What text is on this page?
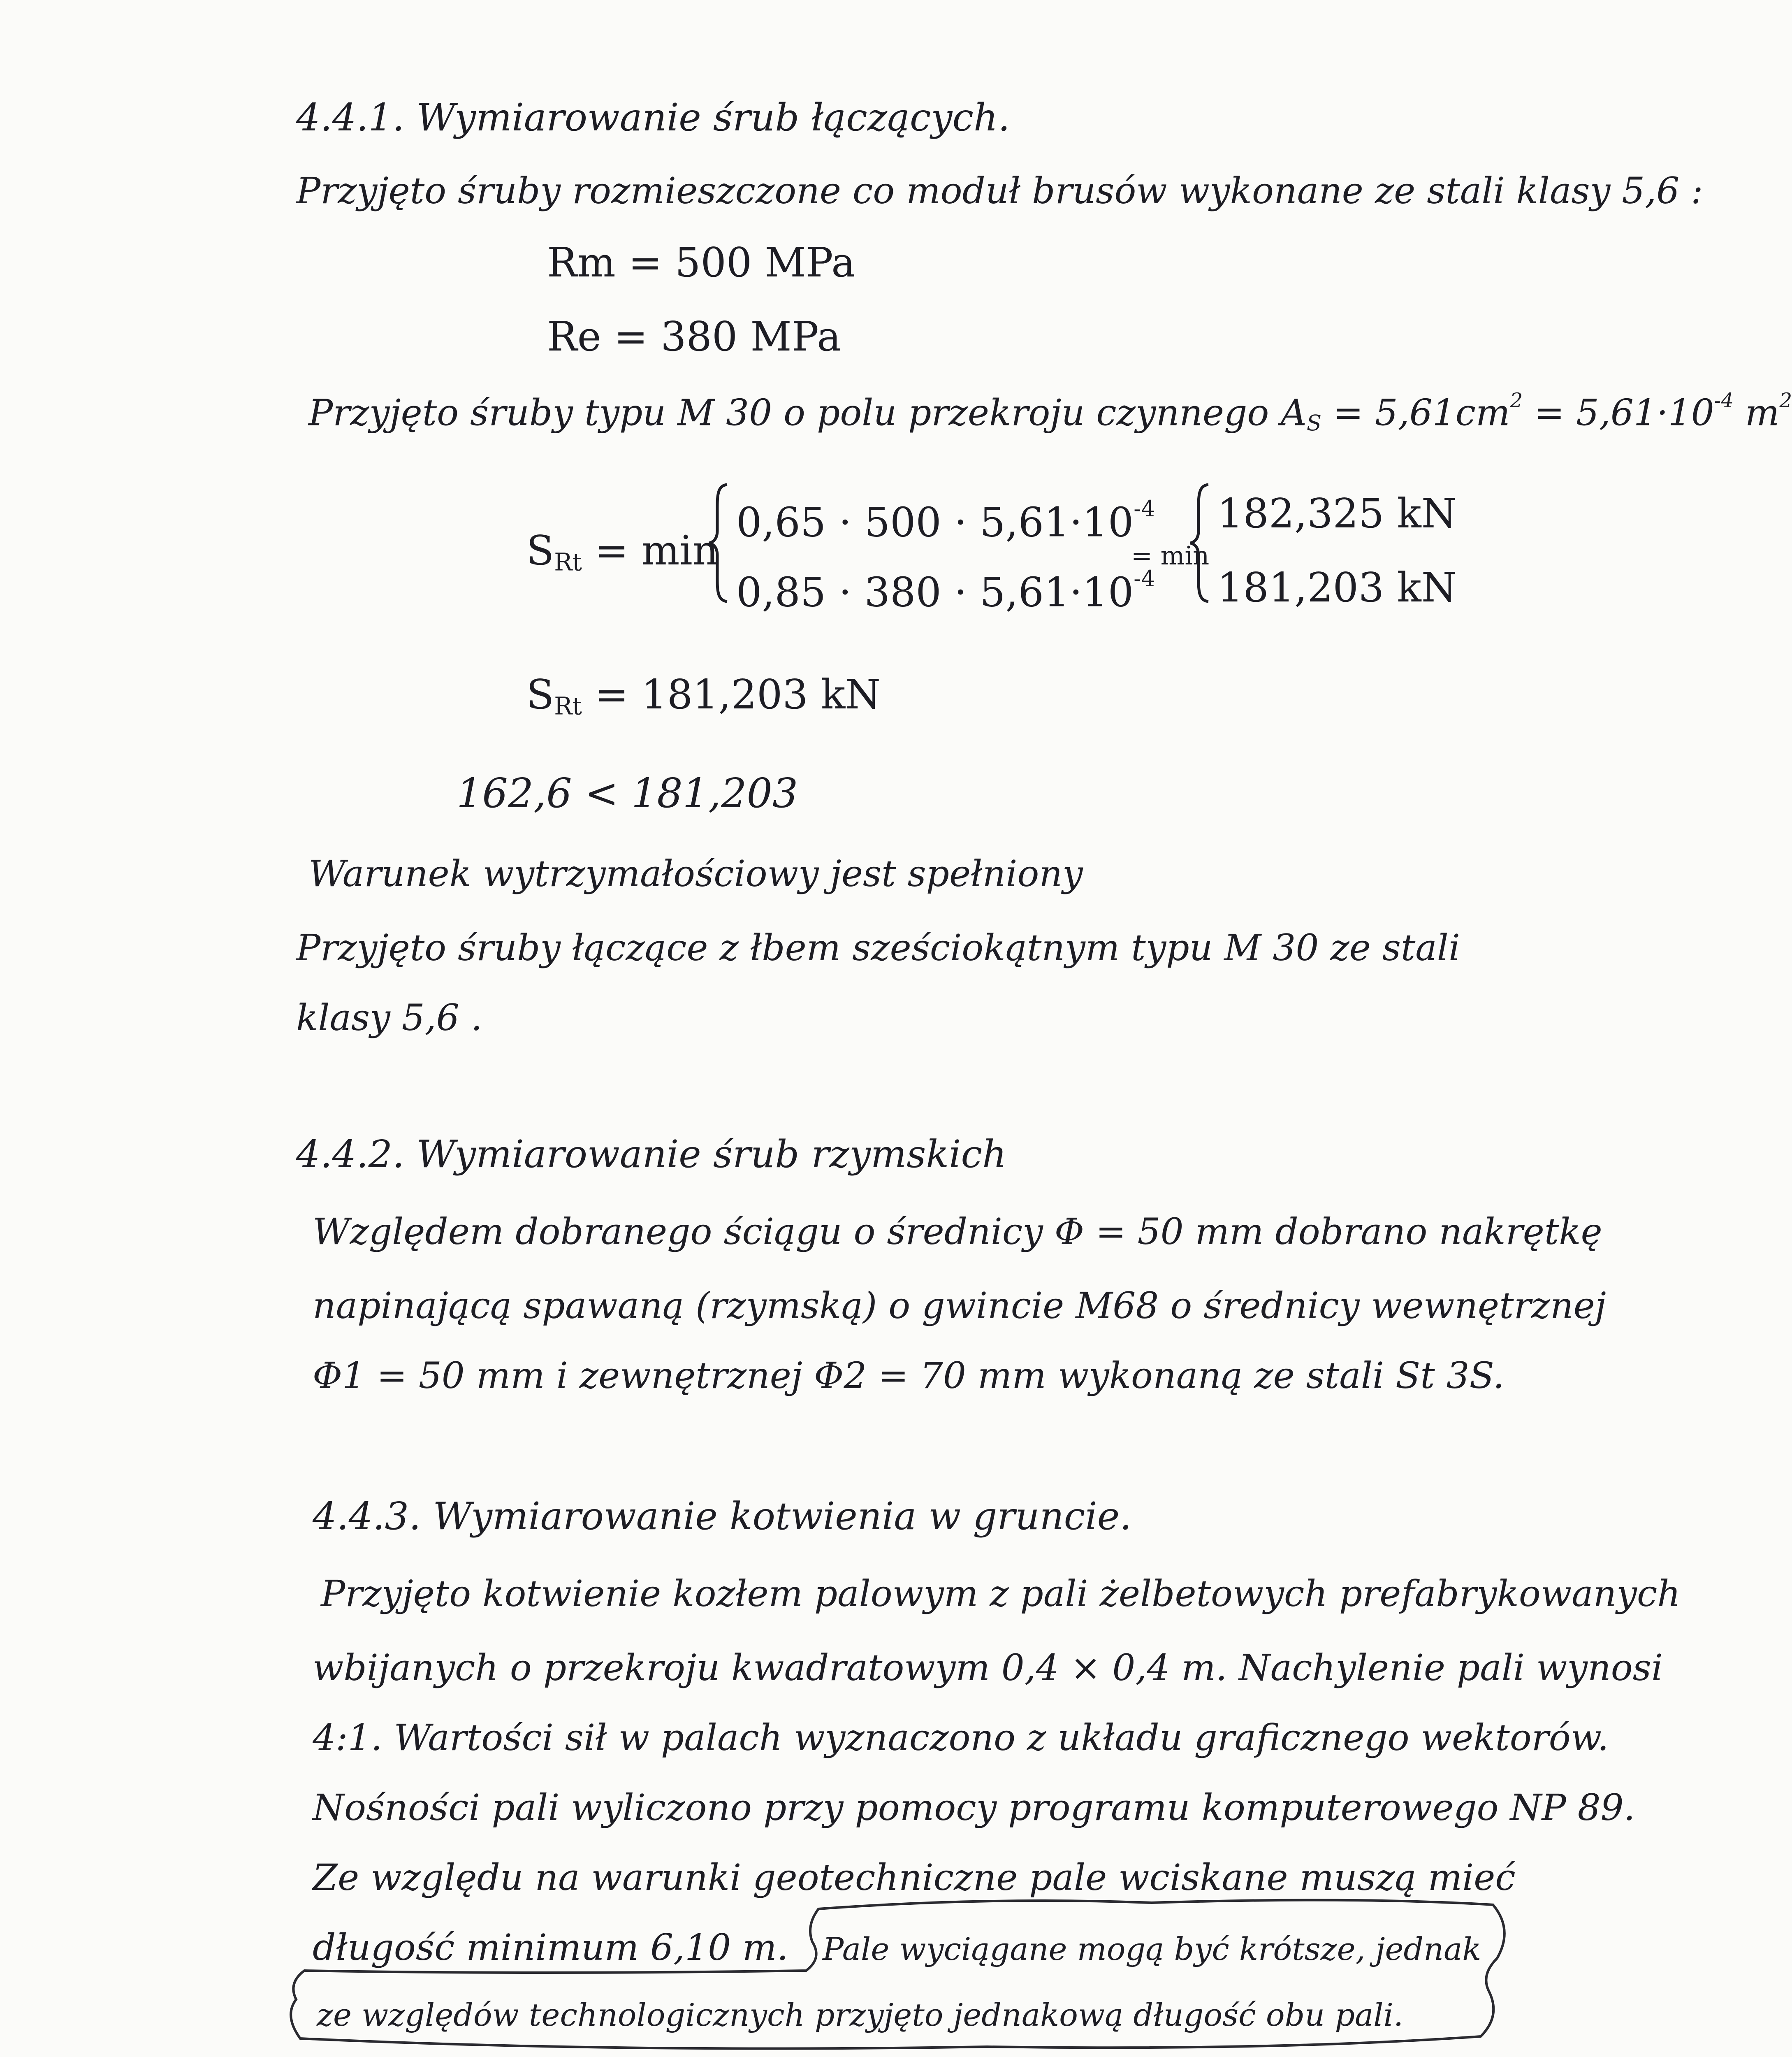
4.4.1. Wymiarowanie śrub łączących.
Przyjęto śruby rozmieszczone co moduł brusów wykonane ze stali klasy 5,6 :
Rm = 500 MPa
Re = 380 MPa
Przyjęto śruby typu M 30 o polu przekroju czynnego $A_S = 5,61cm^2 = 5,61\cdot 10^{-4}$ $m^2$
$S_{Rt} = \min$
$0,65 \cdot 500 \cdot 5,61\cdot 10^{-4}$
$0,85 \cdot 380 \cdot 5,61\cdot 10^{-4}$
= min
182,325 kN
181,203 kN
$S_{Rt} = 181,203$ kN
162,6 < 181,203
Warunek wytrzymałościowy jest spełniony
Przyjęto śruby łączące z łbem sześciokątnym typu M 30 ze stali
klasy 5,6 .
4.4.2. Wymiarowanie śrub rzymskich
Względem dobranego ściągu o średnicy Φ = 50 mm dobrano nakrętkę
napinającą spawaną (rzymską) o gwincie M68 o średnicy wewnętrznej
Φ1 = 50 mm i zewnętrznej Φ2 = 70 mm wykonaną ze stali St 3S.
4.4.3. Wymiarowanie kotwienia w gruncie.
Przyjęto kotwienie kozłem palowym z pali żelbetowych prefabrykowanych
wbijanych o przekroju kwadratowym 0,4 × 0,4 m. Nachylenie pali wynosi
4:1. Wartości sił w palach wyznaczono z układu graficznego wektorów.
Nośności pali wyliczono przy pomocy programu komputerowego NP 89.
Ze względu na warunki geotechniczne pale wciskane muszą mieć
długość minimum 6,10 m. Pale wyciągane mogą być krótsze, jednak
ze względów technologicznych przyjęto jednakową długość obu pali.
